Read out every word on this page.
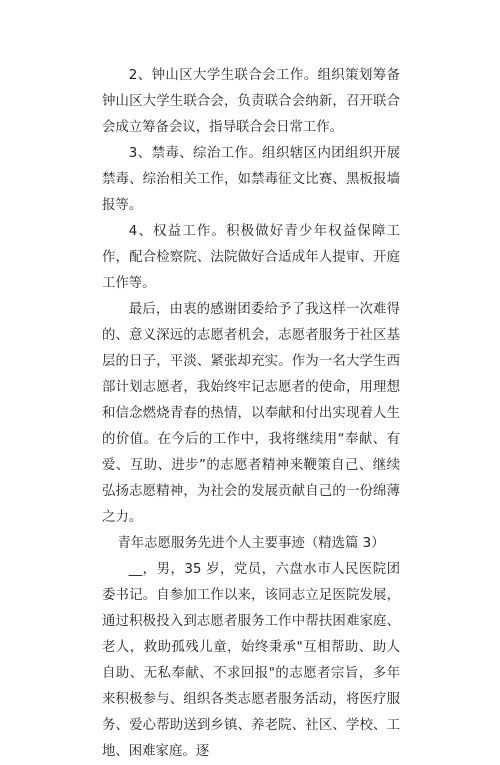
2、钟山区大学生联合会工作。组织策划筹备钟山区大学生联合会，负责联合会纳新，召开联合会成立筹备会议，指导联合会日常工作。

3、禁毒、综治工作。组织辖区内团组织开展禁毒、综治相关工作，如禁毒征文比赛、黑板报墙报等。

4、权益工作。积极做好青少年权益保障工作，配合检察院、法院做好合适成年人提审、开庭工作等。

最后，由衷的感谢团委给予了我这样一次难得的、意义深远的志愿者机会，志愿者服务于社区基层的日子，平淡、紧张却充实。作为一名大学生西部计划志愿者，我始终牢记志愿者的使命，用理想和信念燃烧青春的热情，以奉献和付出实现着人生的价值。在今后的工作中，我将继续用“奉献、有爱、互助、进步”的志愿者精神来鞭策自己、继续弘扬志愿精神，为社会的发展贡献自己的一份绵薄之力。

青年志愿服务先进个人主要事迹（精选篇 3）

__，男，35 岁，党员，六盘水市人民医院团委书记。自参加工作以来，该同志立足医院发展，通过积极投入到志愿者服务工作中帮扶困难家庭、老人，救助孤残儿童，始终秉承"互相帮助、助人自助、无私奉献、不求回报"的志愿者宗旨，多年来积极参与、组织各类志愿者服务活动，将医疗服务、爱心帮助送到乡镇、养老院、社区、学校、工地、困难家庭。逐
